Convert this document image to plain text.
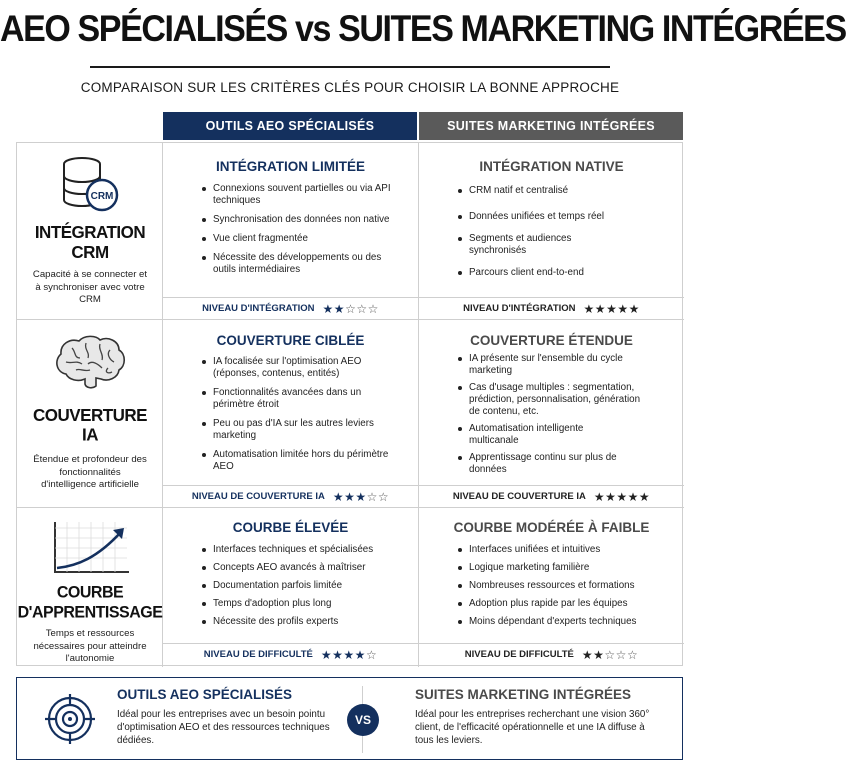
AEO SPÉCIALISÉS vs SUITES MARKETING INTÉGRÉES
COMPARAISON SUR LES CRITÈRES CLÉS POUR CHOISIR LA BONNE APPROCHE
OUTILS AEO SPÉCIALISÉS	SUITES MARKETING INTÉGRÉES
CRM
INTÉGRATION
CRM
Capacité à se connecter et à synchroniser avec votre CRM
INTÉGRATION LIMITÉE
Connexions souvent partielles ou via API techniques
Synchronisation des données non native
Vue client fragmentée
Nécessite des développements ou des outils intermédiaires
NIVEAU D'INTÉGRATION ★★☆☆☆
INTÉGRATION NATIVE
CRM natif et centralisé
Données unifiées et temps réel
Segments et audiences synchronisés
Parcours client end-to-end
NIVEAU D'INTÉGRATION ★★★★★
COUVERTURE
IA
Étendue et profondeur des fonctionnalités d'intelligence artificielle
COUVERTURE CIBLÉE
IA focalisée sur l'optimisation AEO (réponses, contenus, entités)
Fonctionnalités avancées dans un périmètre étroit
Peu ou pas d'IA sur les autres leviers marketing
Automatisation limitée hors du périmètre AEO
NIVEAU DE COUVERTURE IA ★★★☆☆
COUVERTURE ÉTENDUE
IA présente sur l'ensemble du cycle marketing
Cas d'usage multiples : segmentation, prédiction, personnalisation, génération de contenu, etc.
Automatisation intelligente multicanale
Apprentissage continu sur plus de données
NIVEAU DE COUVERTURE IA ★★★★★
COURBE
D'APPRENTISSAGE
Temps et ressources nécessaires pour atteindre l'autonomie
COURBE ÉLEVÉE
Interfaces techniques et spécialisées
Concepts AEO avancés à maîtriser
Documentation parfois limitée
Temps d'adoption plus long
Nécessite des profils experts
NIVEAU DE DIFFICULTÉ ★★★★☆
COURBE MODÉRÉE À FAIBLE
Interfaces unifiées et intuitives
Logique marketing familière
Nombreuses ressources et formations
Adoption plus rapide par les équipes
Moins dépendant d'experts techniques
NIVEAU DE DIFFICULTÉ ★★☆☆☆
OUTILS AEO SPÉCIALISÉS
Idéal pour les entreprises avec un besoin pointu d'optimisation AEO et des ressources techniques dédiées.
VS
SUITES MARKETING INTÉGRÉES
Idéal pour les entreprises recherchant une vision 360° client, de l'efficacité opérationnelle et une IA diffuse à tous les leviers.
